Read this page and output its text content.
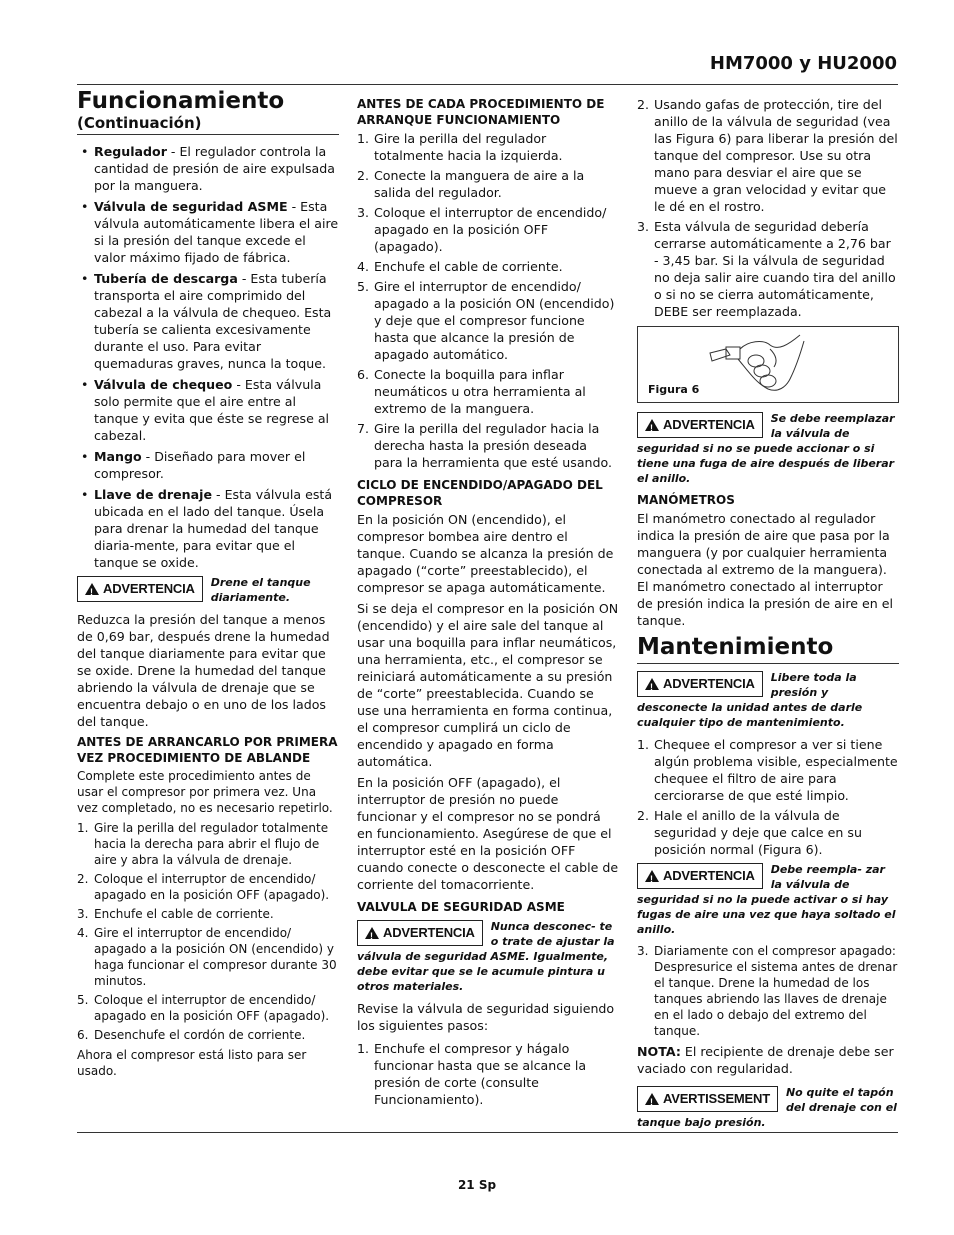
HM7000 y HU2000
Funcionamiento
(Continuación)
• Regulador - El regulador controla la cantidad de presión de aire expulsada por la manguera.
• Válvula de seguridad ASME - Esta válvula automáticamente libera el aire si la presión del tanque excede el valor máximo fijado de fábrica.
• Tubería de descarga - Esta tubería transporta el aire comprimido del cabezal a la válvula de chequeo. Esta tubería se calienta excesivamente durante el uso. Para evitar quemaduras graves, nunca la toque.
• Válvula de chequeo - Esta válvula solo permite que el aire entre al tanque y evita que éste se regrese al cabezal.
• Mango - Diseñado para mover el compresor.
• Llave de drenaje - Esta válvula está ubicada en el lado del tanque. Úsela para drenar la humedad del tanque diaria-mente, para evitar que el tanque se oxide.
!
ADVERTENCIA Drene el tanque diariamente.

Reduzca la presión del tanque a menos de 0,69 bar, después drene la humedad del tanque diariamente para evitar que se oxide. Drene la humedad del tanque abriendo la válvula de drenaje que se encuentra debajo o en uno de los lados del tanque.

ANTES DE ARRANCARLO POR PRIMERA VEZ PROCEDIMIENTO DE ABLANDE

Complete este procedimiento antes de usar el compresor por primera vez. Una vez completado, no es necesario repetirlo.

1. Gire la perilla del regulador totalmente hacia la derecha para abrir el flujo de aire y abra la válvula de drenaje.
2. Coloque el interruptor de encendido/ apagado en la posición OFF (apagado).
3. Enchufe el cable de corriente.
4. Gire el interruptor de encendido/ apagado a la posición ON (encendido) y haga funcionar el compresor durante 30 minutos.
5. Coloque el interruptor de encendido/ apagado en la posición OFF (apagado).
6. Desenchufe el cordón de corriente.

Ahora el compresor está listo para ser usado.

ANTES DE CADA PROCEDIMIENTO DE ARRANQUE FUNCIONAMIENTO
1. Gire la perilla del regulador totalmente hacia la izquierda.
2. Conecte la manguera de aire a la salida del regulador.
3. Coloque el interruptor de encendido/ apagado en la posición OFF (apagado).
4. Enchufe el cable de corriente.
5. Gire el interruptor de encendido/ apagado a la posición ON (encendido) y deje que el compresor funcione hasta que alcance la presión de apagado automático.
6. Conecte la boquilla para inflar neumáticos u otra herramienta al extremo de la manguera.
7. Gire la perilla del regulador hacia la derecha hasta la presión deseada para la herramienta que esté usando.
CICLO DE ENCENDIDO/APAGADO DEL COMPRESOR

En la posición ON (encendido), el compresor bombea aire dentro el tanque. Cuando se alcanza la presión de apagado (“corte” preestablecido), el compresor se apaga automáticamente.

Si se deja el compresor en la posición ON (encendido) y el aire sale del tanque al usar una boquilla para inflar neumáticos, una herramienta, etc., el compresor se reiniciará automáticamente a su presión de “corte” preestablecida. Cuando se use una herramienta en forma continua, el compresor cumplirá un ciclo de encendido y apagado en forma automática.

En la posición OFF (apagado), el interruptor de presión no puede funcionar y el compresor no se pondrá en funcionamiento. Asegúrese de que el interruptor esté en la posición OFF cuando conecte o desconecte el cable de corriente del tomacorriente.

VALVULA DE SEGURIDAD ASME
!
ADVERTENCIA Nunca desconec- te o trate de ajustar la válvula de seguridad ASME. Igualmente, debe evitar que se le acumule pintura u otros materiales.

Revise la válvula de seguridad siguiendo los siguientes pasos:

1. Enchufe el compresor y hágalo funcionar hasta que se alcance la presión de corte (consulte Funcionamiento).
2. Usando gafas de protección, tire del anillo de la válvula de seguridad (vea las Figura 6) para liberar la presión del tanque del compresor. Use su otra mano para desviar el aire que se mueve a gran velocidad y evitar que le dé en el rostro.
3. Esta válvula de seguridad debería cerrarse automáticamente a 2,76 bar - 3,45 bar. Si la válvula de seguridad no deja salir aire cuando tira del anillo o si no se cierra automáticamente, DEBE ser reemplazada.
Figura 6
!
ADVERTENCIA Se debe reemplazar la válvula de seguridad si no se puede accionar o si tiene una fuga de aire después de liberar el anillo.
MANÓMETROS

El manómetro conectado al regulador indica la presión de aire que pasa por la manguera (y por cualquier herramienta conectada al extremo de la manguera).

El manómetro conectado al interruptor de presión indica la presión de aire en el tanque.

Mantenimiento
!
ADVERTENCIA Libere toda la presión y desconecte la unidad antes de darle cualquier tipo de mantenimiento.
1. Chequee el compresor a ver si tiene algún problema visible, especialmente chequee el filtro de aire para cerciorarse de que esté limpio.
2. Hale el anillo de la válvula de seguridad y deje que calce en su posición normal (Figura 6).
!
ADVERTENCIA Debe reempla- zar la válvula de seguridad si no la puede activar o si hay fugas de aire una vez que haya soltado el anillo.
3. Diariamente con el compresor apagado: Despresurice el sistema antes de drenar el tanque. Drene la humedad de los tanques abriendo las llaves de drenaje en el lado o debajo del extremo del tanque.

NOTA: El recipiente de drenaje debe ser vaciado con regularidad.

!
AVERTISSEMENT No quite el tapón del drenaje con el tanque bajo presión.
21 Sp
